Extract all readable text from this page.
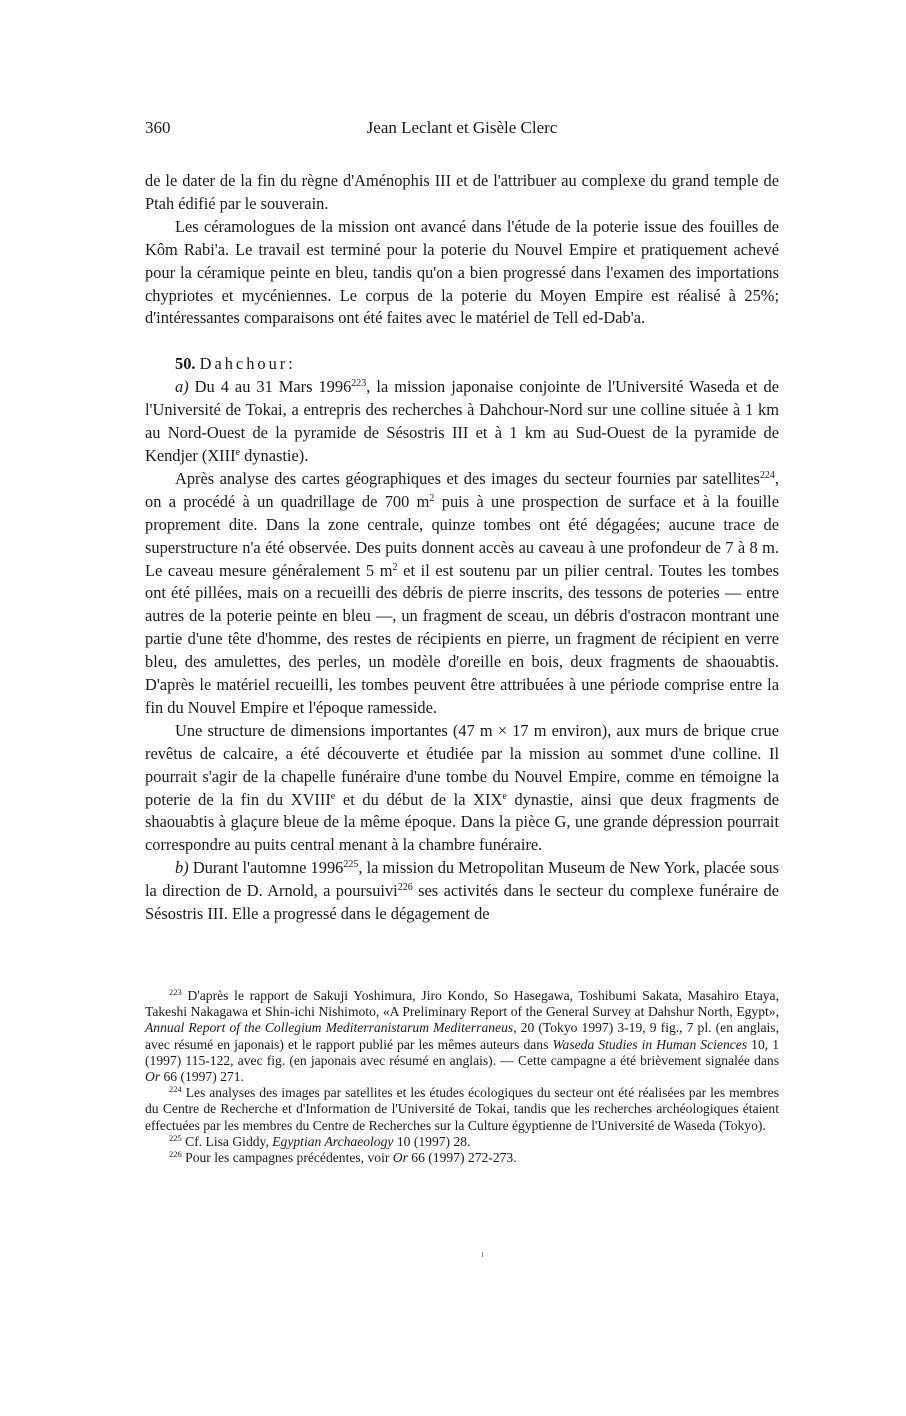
360	Jean Leclant et Gisèle Clerc

de le dater de la fin du règne d'Aménophis III et de l'attribuer au complexe du grand temple de Ptah édifié par le souverain.

Les céramologues de la mission ont avancé dans l'étude de la poterie issue des fouilles de Kôm Rabi'a. Le travail est terminé pour la poterie du Nouvel Empire et pratiquement achevé pour la céramique peinte en bleu, tandis qu'on a bien progressé dans l'examen des importations chypriotes et mycéniennes. Le corpus de la poterie du Moyen Empire est réalisé à 25%; d'intéressantes comparaisons ont été faites avec le matériel de Tell ed-Dab'a.

50. Dahchour:

a) Du 4 au 31 Mars 1996$^{223}$, la mission japonaise conjointe de l'Université Waseda et de l'Université de Tokai, a entrepris des recherches à Dahchour-Nord sur une colline située à 1 km au Nord-Ouest de la pyramide de Sésostris III et à 1 km au Sud-Ouest de la pyramide de Kendjer (XIIIe dynastie).

Après analyse des cartes géographiques et des images du secteur fournies par satellites$^{224}$, on a procédé à un quadrillage de 700 $m^2$ puis à une prospection de surface et à la fouille proprement dite. Dans la zone centrale, quinze tombes ont été dégagées; aucune trace de superstructure n'a été observée. Des puits donnent accès au caveau à une profondeur de 7 à 8 m. Le caveau mesure généralement 5 $m^2$ et il est soutenu par un pilier central. Toutes les tombes ont été pillées, mais on a recueilli des débris de pierre inscrits, des tessons de poteries — entre autres de la poterie peinte en bleu —, un fragment de sceau, un débris d'ostracon montrant une partie d'une tête d'homme, des restes de récipients en pierre, un fragment de récipient en verre bleu, des amulettes, des perles, un modèle d'oreille en bois, deux fragments de shaouabtis. D'après le matériel recueilli, les tombes peuvent être attribuées à une période comprise entre la fin du Nouvel Empire et l'époque ramesside.

Une structure de dimensions importantes (47 m × 17 m environ), aux murs de brique crue revêtus de calcaire, a été découverte et étudiée par la mission au sommet d'une colline. Il pourrait s'agir de la chapelle funéraire d'une tombe du Nouvel Empire, comme en témoigne la poterie de la fin du XVIIIe et du début de la XIXe dynastie, ainsi que deux fragments de shaouabtis à glaçure bleue de la même époque. Dans la pièce G, une grande dépression pourrait correspondre au puits central menant à la chambre funéraire.

b) Durant l'automne 1996$^{225}$, la mission du Metropolitan Museum de New York, placée sous la direction de D. Arnold, a poursuivi$^{226}$ ses activités dans le secteur du complexe funéraire de Sésostris III. Elle a progressé dans le dégagement de

$^{223}$ D'après le rapport de Sakuji Yoshimura, Jiro Kondo, So Hasegawa, Toshibumi Sakata, Masahiro Etaya, Takeshi Nakagawa et Shin-ichi Nishimoto, «A Preliminary Report of the General Survey at Dahshur North, Egypt», Annual Report of the Collegium Mediterranistarum Mediterraneus, 20 (Tokyo 1997) 3-19, 9 fig., 7 pl. (en anglais, avec résumé en japonais) et le rapport publié par les mêmes auteurs dans Waseda Studies in Human Sciences 10, 1 (1997) 115-122, avec fig. (en japonais avec résumé en anglais). — Cette campagne a été brièvement signalée dans Or 66 (1997) 271.

$^{224}$ Les analyses des images par satellites et les études écologiques du secteur ont été réalisées par les membres du Centre de Recherche et d'Information de l'Université de Tokai, tandis que les recherches archéologiques étaient effectuées par les membres du Centre de Recherches sur la Culture égyptienne de l'Université de Waseda (Tokyo).

$^{225}$ Cf. Lisa Giddy, Egyptian Archaeology 10 (1997) 28.

$^{226}$ Pour les campagnes précédentes, voir Or 66 (1997) 272-273.
